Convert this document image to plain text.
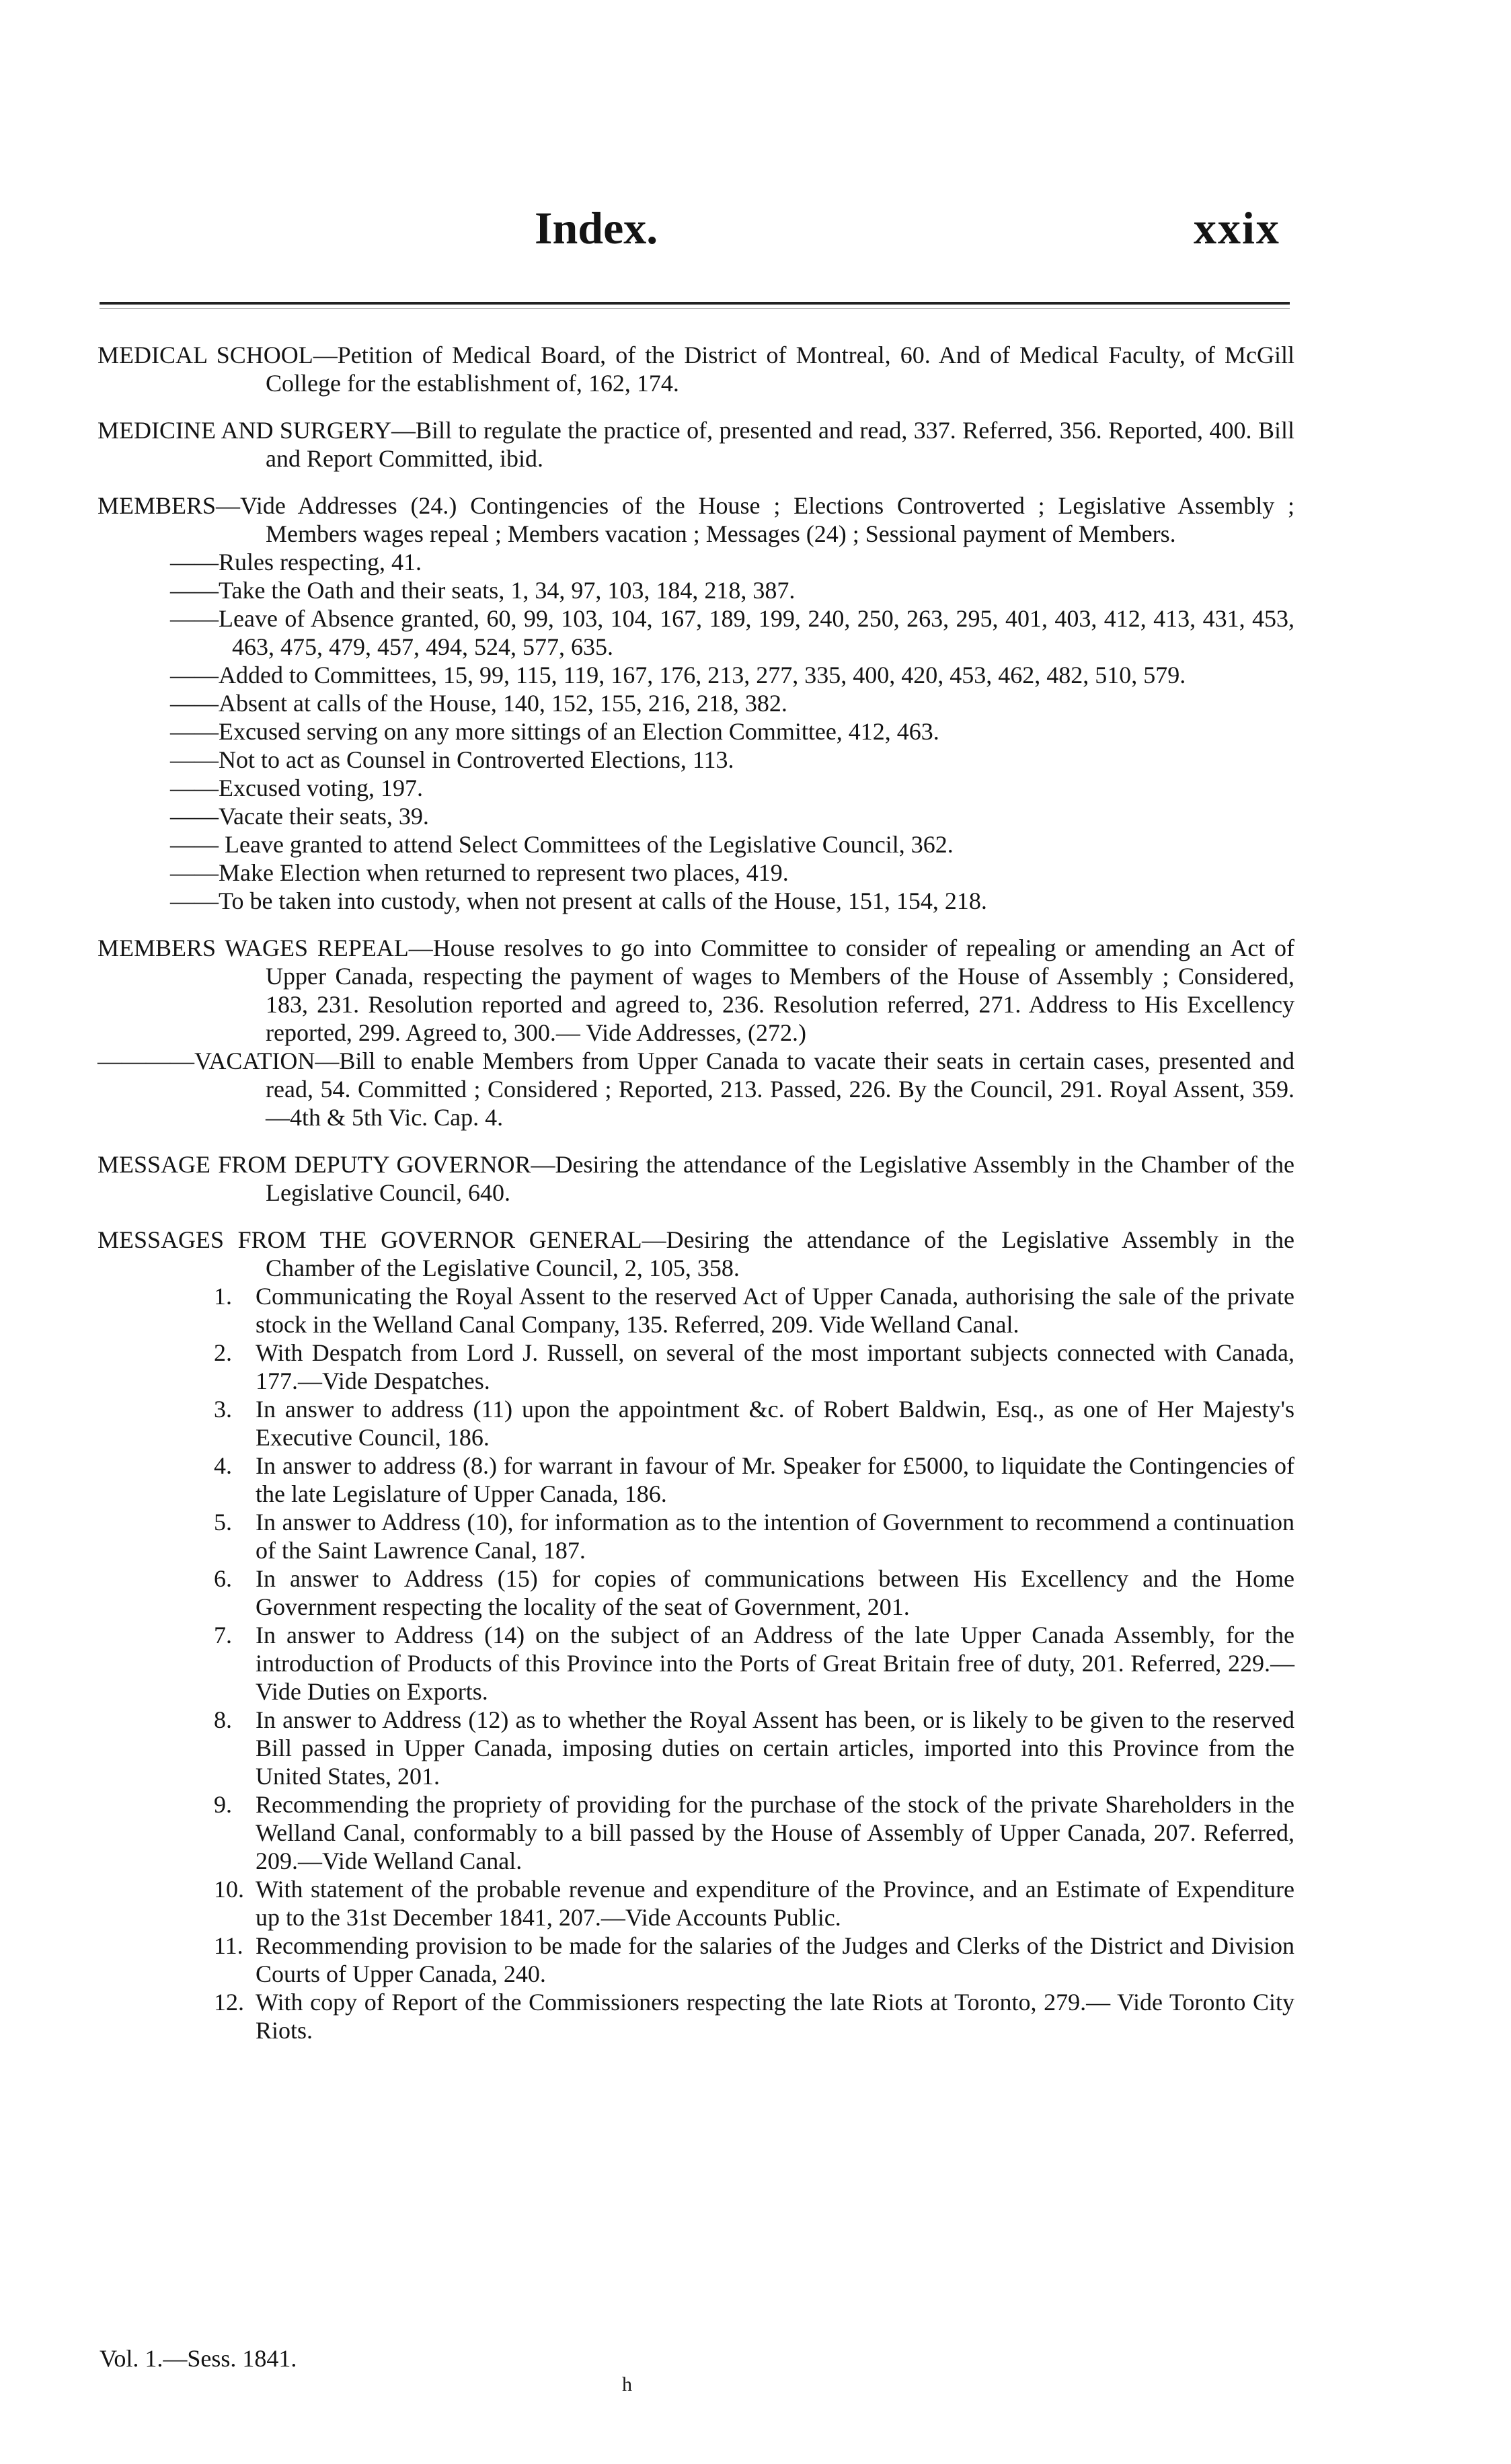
Index.	xxix
MEDICAL SCHOOL—Petition of Medical Board, of the District of Montreal, 60. And of Medical Faculty, of McGill College for the establishment of, 162, 174.
MEDICINE AND SURGERY—Bill to regulate the practice of, presented and read, 337. Referred, 356. Reported, 400. Bill and Report Committed, ibid.
MEMBERS—Vide Addresses (24.) Contingencies of the House ; Elections Controverted ; Legislative Assembly ; Members wages repeal ; Members vacation ; Messages (24) ; Sessional payment of Members.
——Rules respecting, 41.
——Take the Oath and their seats, 1, 34, 97, 103, 184, 218, 387.
——Leave of Absence granted, 60, 99, 103, 104, 167, 189, 199, 240, 250, 263, 295, 401, 403, 412, 413, 431, 453, 463, 475, 479, 457, 494, 524, 577, 635.
——Added to Committees, 15, 99, 115, 119, 167, 176, 213, 277, 335, 400, 420, 453, 462, 482, 510, 579.
——Absent at calls of the House, 140, 152, 155, 216, 218, 382.
——Excused serving on any more sittings of an Election Committee, 412, 463.
——Not to act as Counsel in Controverted Elections, 113.
——Excused voting, 197.
——Vacate their seats, 39.
—— Leave granted to attend Select Committees of the Legislative Council, 362.
——Make Election when returned to represent two places, 419.
——To be taken into custody, when not present at calls of the House, 151, 154, 218.
MEMBERS WAGES REPEAL—House resolves to go into Committee to consider of repealing or amending an Act of Upper Canada, respecting the payment of wages to Members of the House of Assembly ; Considered, 183, 231. Resolution reported and agreed to, 236. Resolution referred, 271. Address to His Excellency reported, 299. Agreed to, 300.— Vide Addresses, (272.)
————VACATION—Bill to enable Members from Upper Canada to vacate their seats in certain cases, presented and read, 54. Committed ; Considered ; Reported, 213. Passed, 226. By the Council, 291. Royal Assent, 359.—4th & 5th Vic. Cap. 4.
MESSAGE FROM DEPUTY GOVERNOR—Desiring the attendance of the Legislative Assembly in the Chamber of the Legislative Council, 640.
MESSAGES FROM THE GOVERNOR GENERAL—Desiring the attendance of the Legislative Assembly in the Chamber of the Legislative Council, 2, 105, 358.
1. Communicating the Royal Assent to the reserved Act of Upper Canada, authorising the sale of the private stock in the Welland Canal Company, 135. Referred, 209. Vide Welland Canal.
2. With Despatch from Lord J. Russell, on several of the most important subjects connected with Canada, 177.—Vide Despatches.
3. In answer to address (11) upon the appointment &c. of Robert Baldwin, Esq., as one of Her Majesty's Executive Council, 186.
4. In answer to address (8.) for warrant in favour of Mr. Speaker for £5000, to liquidate the Contingencies of the late Legislature of Upper Canada, 186.
5. In answer to Address (10), for information as to the intention of Government to recommend a continuation of the Saint Lawrence Canal, 187.
6. In answer to Address (15) for copies of communications between His Excellency and the Home Government respecting the locality of the seat of Government, 201.
7. In answer to Address (14) on the subject of an Address of the late Upper Canada Assembly, for the introduction of Products of this Province into the Ports of Great Britain free of duty, 201. Referred, 229.—Vide Duties on Exports.
8. In answer to Address (12) as to whether the Royal Assent has been, or is likely to be given to the reserved Bill passed in Upper Canada, imposing duties on certain articles, imported into this Province from the United States, 201.
9. Recommending the propriety of providing for the purchase of the stock of the private Shareholders in the Welland Canal, conformably to a bill passed by the House of Assembly of Upper Canada, 207. Referred, 209.—Vide Welland Canal.
10. With statement of the probable revenue and expenditure of the Province, and an Estimate of Expenditure up to the 31st December 1841, 207.—Vide Accounts Public.
11. Recommending provision to be made for the salaries of the Judges and Clerks of the District and Division Courts of Upper Canada, 240.
12. With copy of Report of the Commissioners respecting the late Riots at Toronto, 279.— Vide Toronto City Riots.
Vol. 1.—Sess. 1841.
h
